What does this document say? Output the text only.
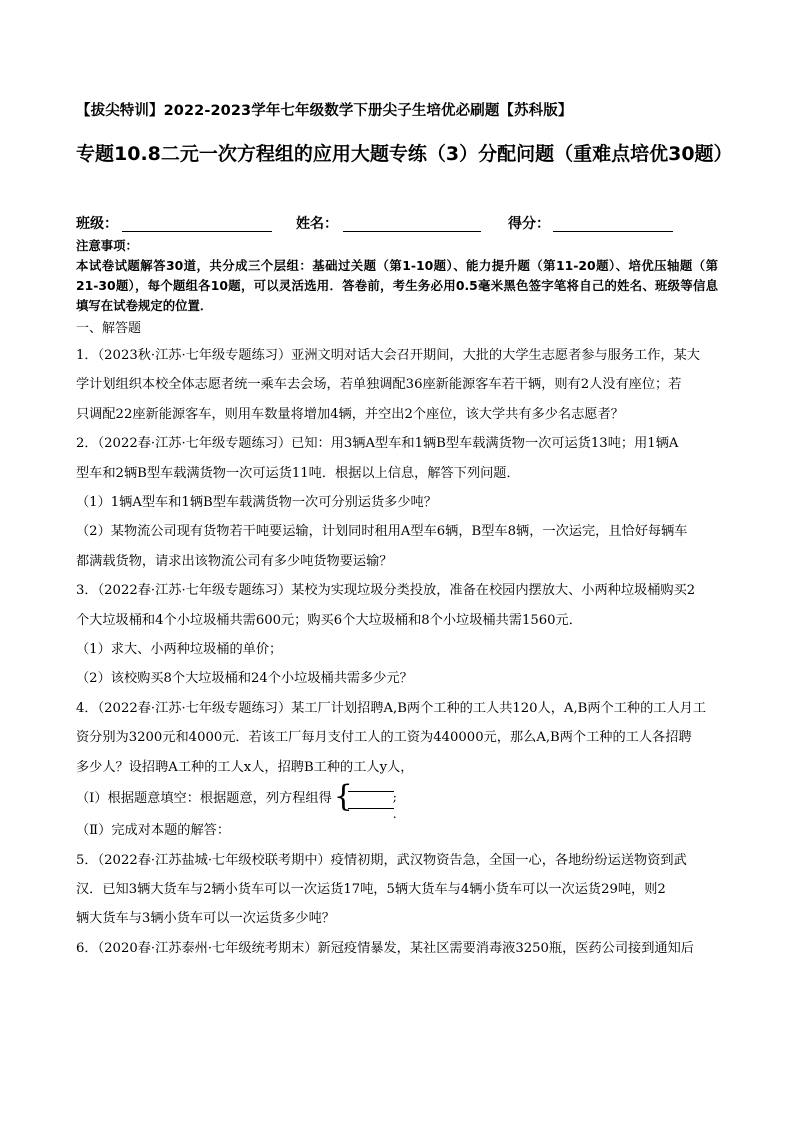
【拔尖特训】2022-2023学年七年级数学下册尖子生培优必刷题【苏科版】
专题10.8二元一次方程组的应用大题专练（3）分配问题（重难点培优30题）
班级：	姓名：	得分：
注意事项：
本试卷试题解答30道，共分成三个层组：基础过关题（第1-10题）、能力提升题（第11-20题）、培优压轴题（第21-30题），每个题组各10题，可以灵活选用．答卷前，考生务必用0.5毫米黑色签字笔将自己的姓名、班级等信息填写在试卷规定的位置．
一、解答题

1．（2023秋·江苏·七年级专题练习）亚洲文明对话大会召开期间，大批的大学生志愿者参与服务工作，某大
学计划组织本校全体志愿者统一乘车去会场，若单独调配36座新能源客车若干辆，则有2人没有座位；若
只调配22座新能源客车，则用车数量将增加4辆，并空出2个座位，该大学共有多少名志愿者？

2．（2022春·江苏·七年级专题练习）已知：用3辆A型车和1辆B型车载满货物一次可运货13吨；用1辆A
型车和2辆B型车载满货物一次可运货11吨．根据以上信息，解答下列问题．
（1）1辆A型车和1辆B型车载满货物一次可分别运货多少吨？
（2）某物流公司现有货物若干吨要运输，计划同时租用A型车6辆，B型车8辆，一次运完，且恰好每辆车
都满载货物，请求出该物流公司有多少吨货物要运输？

3．（2022春·江苏·七年级专题练习）某校为实现垃圾分类投放，准备在校园内摆放大、小两种垃圾桶购买2
个大垃圾桶和4个小垃圾桶共需600元；购买6个大垃圾桶和8个小垃圾桶共需1560元．
（1）求大、小两种垃圾桶的单价；
（2）该校购买8个大垃圾桶和24个小垃圾桶共需多少元？

4．（2022春·江苏·七年级专题练习）某工厂计划招聘A,B两个工种的工人共120人，A,B两个工种的工人月工
资分别为3200元和4000元．若该工厂每月支付工人的工资为440000元，那么A,B两个工种的工人各招聘
多少人？设招聘A工种的工人x人，招聘B工种的工人y人，
（Ⅰ）根据题意填空：根据题意，列方程组得 {	;
.
（Ⅱ）完成对本题的解答：

5．（2022春·江苏盐城·七年级校联考期中）疫情初期，武汉物资告急，全国一心，各地纷纷运送物资到武
汉．已知3辆大货车与2辆小货车可以一次运货17吨，5辆大货车与4辆小货车可以一次运货29吨，则2
辆大货车与3辆小货车可以一次运货多少吨？

6．（2020春·江苏泰州·七年级统考期末）新冠疫情暴发，某社区需要消毒液3250瓶，医药公司接到通知后
